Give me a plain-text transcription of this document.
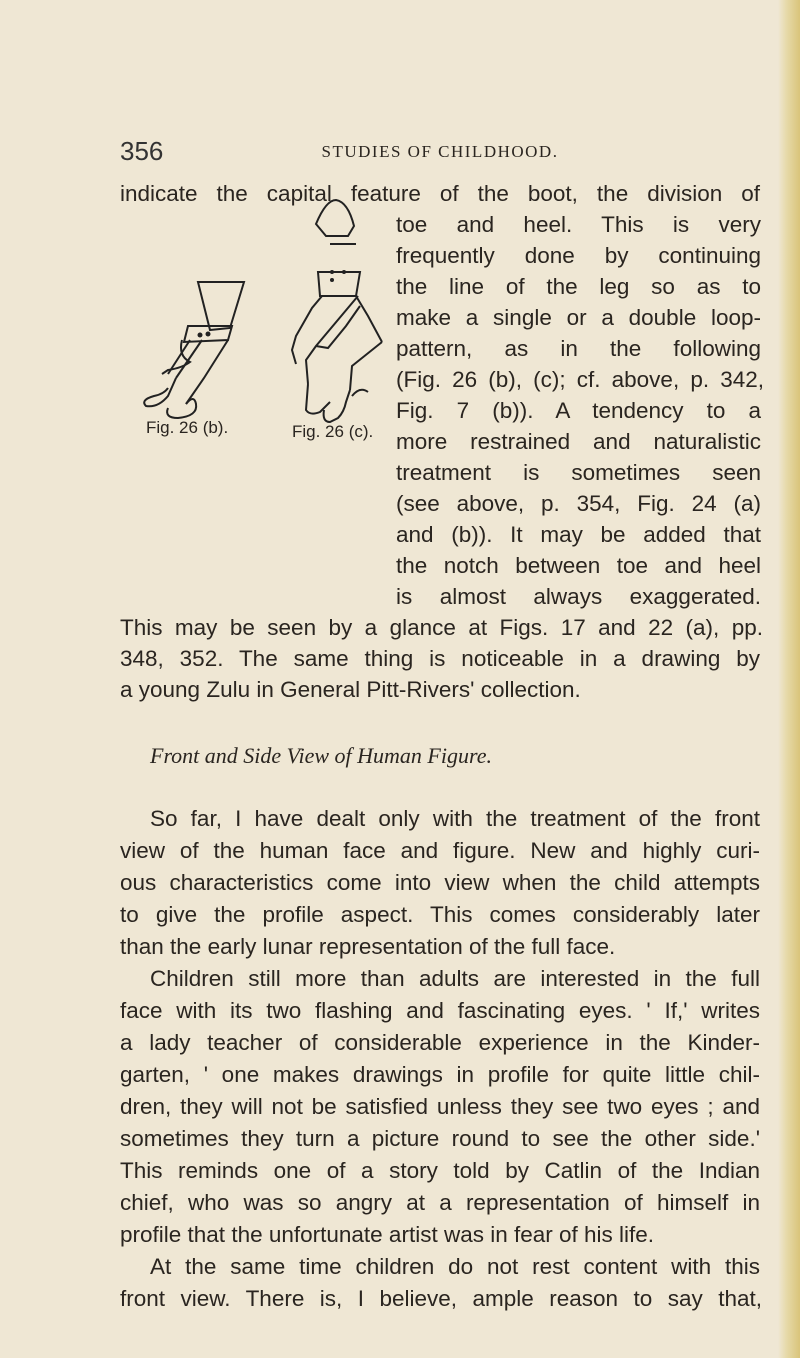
356	STUDIES OF CHILDHOOD.
Fig. 26 (b).	Fig. 26 (c).
indicate the capital feature of the boot, the division of
toe and heel. This is very
frequently done by continuing
the line of the leg so as to
make a single or a double loop-
pattern, as in the following
(Fig. 26 (b), (c); cf. above, p. 342,
Fig. 7 (b)). A tendency to a
more restrained and naturalistic
treatment is sometimes seen
(see above, p. 354, Fig. 24 (a)
and (b)). It may be added that
the notch between toe and heel
is almost always exaggerated.
This may be seen by a glance at Figs. 17 and 22 (a), pp.
348, 352. The same thing is noticeable in a drawing by
a young Zulu in General Pitt-Rivers' collection.
Front and Side View of Human Figure.
So far, I have dealt only with the treatment of the front
view of the human face and figure. New and highly curi-
ous characteristics come into view when the child attempts
to give the profile aspect. This comes considerably later
than the early lunar representation of the full face.
Children still more than adults are interested in the full
face with its two flashing and fascinating eyes. ' If,' writes
a lady teacher of considerable experience in the Kinder-
garten, ' one makes drawings in profile for quite little chil-
dren, they will not be satisfied unless they see two eyes ; and
sometimes they turn a picture round to see the other side.'
This reminds one of a story told by Catlin of the Indian
chief, who was so angry at a representation of himself in
profile that the unfortunate artist was in fear of his life.
At the same time children do not rest content with this
front view. There is, I believe, ample reason to say that,
